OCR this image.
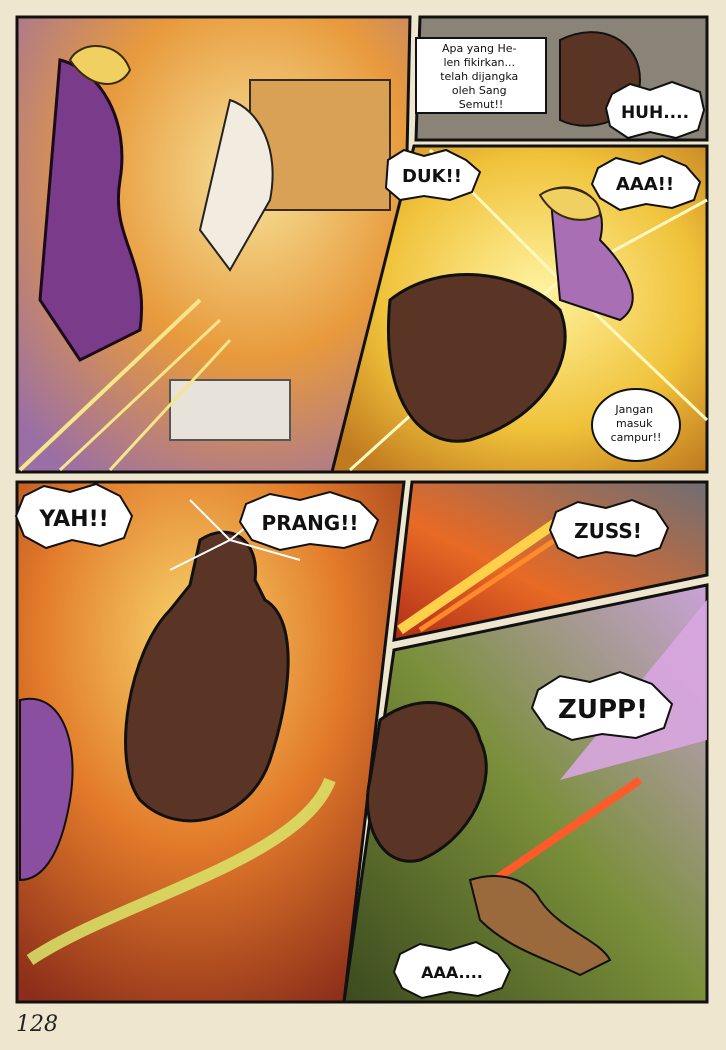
Apa yang He- len fikirkan... telah dijangka oleh Sang Semut!!	HUH....
DUK!!	AAA!!
Jangan masuk campur!!
YAH!!	PRANG!!	ZUSS!
ZUPP!
AAA....
128
